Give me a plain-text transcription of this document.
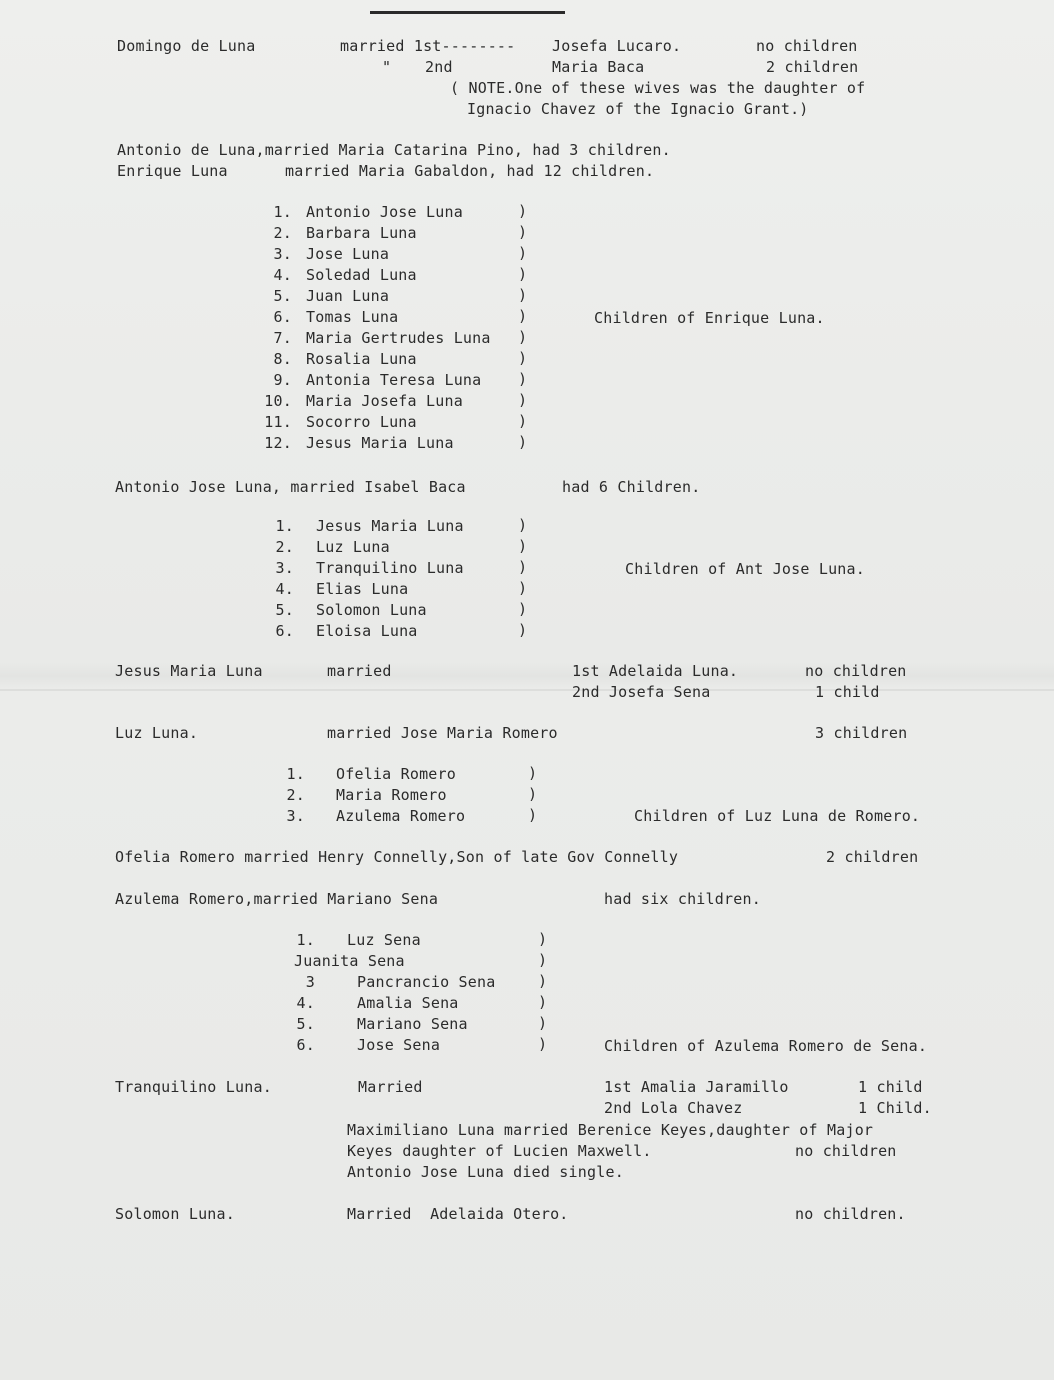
Domingo de Luna	married 1st-------- Josefa Lucaro.	no children
" 2nd	Maria Baca	2 children
( NOTE.One of these wives was the daughter of
Ignacio Chavez of the Ignacio Grant.)
Antonio de Luna,married Maria Catarina Pino, had 3 children.
Enrique Luna	married Maria Gabaldon, had 12 children.
1. Antonio Jose Luna
2. Barbara Luna
3. Jose Luna
4. Soledad Luna
5. Juan Luna
6. Tomas Luna
7. Maria Gertrudes Luna
8. Rosalia Luna
9. Antonia Teresa Luna
10. Maria Josefa Luna
11. Socorro Luna
12. Jesus Maria Luna
)
)
)
)
)
)
)
)
)
)
)
)
Children of Enrique Luna.
Antonio Jose Luna, married Isabel Baca	had 6 Children.
1. Jesus Maria Luna
2. Luz Luna
3. Tranquilino Luna
4. Elias Luna
5. Solomon Luna
6. Eloisa Luna
)
)
)
)
)
)
Children of Ant Jose Luna.
Jesus Maria Luna	married	1st Adelaida Luna.	no children
2nd Josefa Sena	1 child
Luz Luna.	married Jose Maria Romero	3 children
1. Ofelia Romero
2. Maria Romero
3. Azulema Romero
)
)
)	Children of Luz Luna de Romero.
Ofelia Romero married Henry Connelly,Son of late Gov Connelly	2 children
Azulema Romero,married Mariano Sena	had six children.
1. Luz Sena
Juanita Sena
3	Pancrancio Sena
4.	Amalia Sena
5.	Mariano Sena
6.	Jose Sena
)
)
)
)
)
)	Children of Azulema Romero de Sena.
Tranquilino Luna.	Married	1st Amalia Jaramillo	1 child
2nd Lola Chavez	1 Child.
Maximiliano Luna married Berenice Keyes,daughter of Major
Keyes daughter of Lucien Maxwell.	no children
Antonio Jose Luna died single.
Solomon Luna.	Married  Adelaida Otero.	no children.
